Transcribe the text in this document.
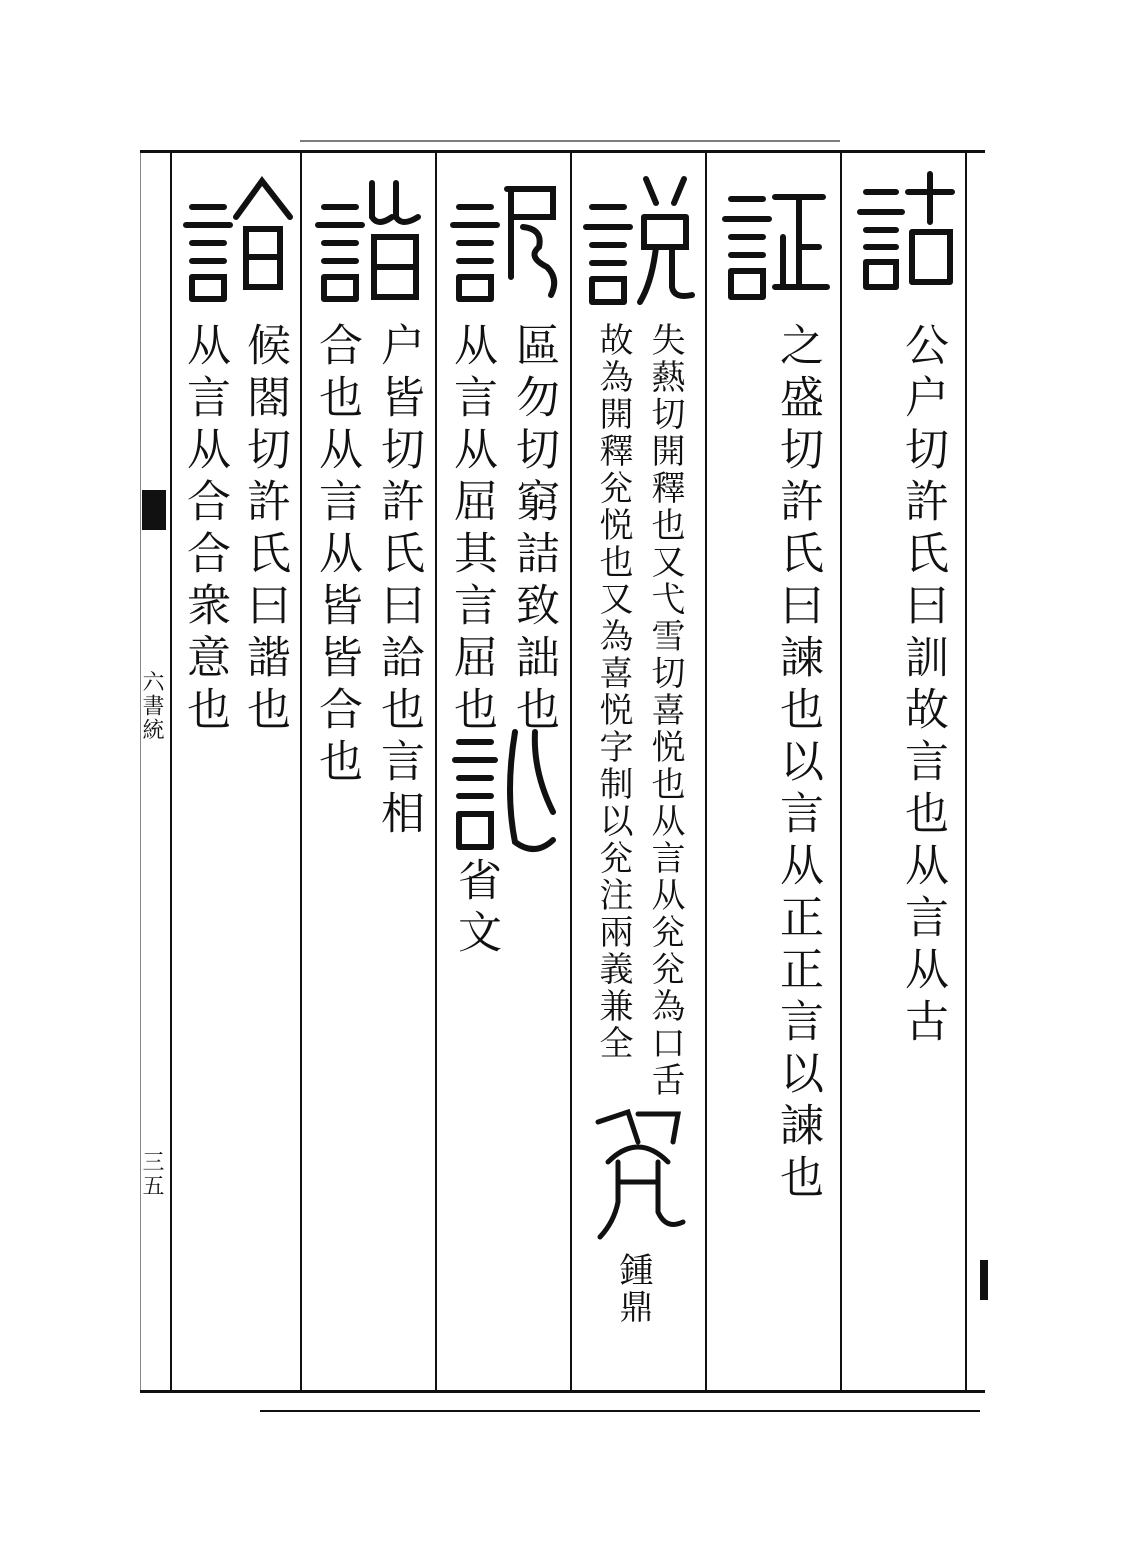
六書統
三五
公户切許氏曰訓故言也从言从古
之盛切許氏曰諫也以言从正正言以諫也
失爇切開釋也又弋雪切喜悦也从言从兊兊為口舌
故為開釋兊悦也又為喜悦字制以兊注兩義兼全
鍾鼎
區勿切窮詰致詘也
从言从屈其言屈也
省文
户皆切許氏曰詥也言相
合也从言从皆皆合也
候閤切許氏曰諧也
从言从合合衆意也
